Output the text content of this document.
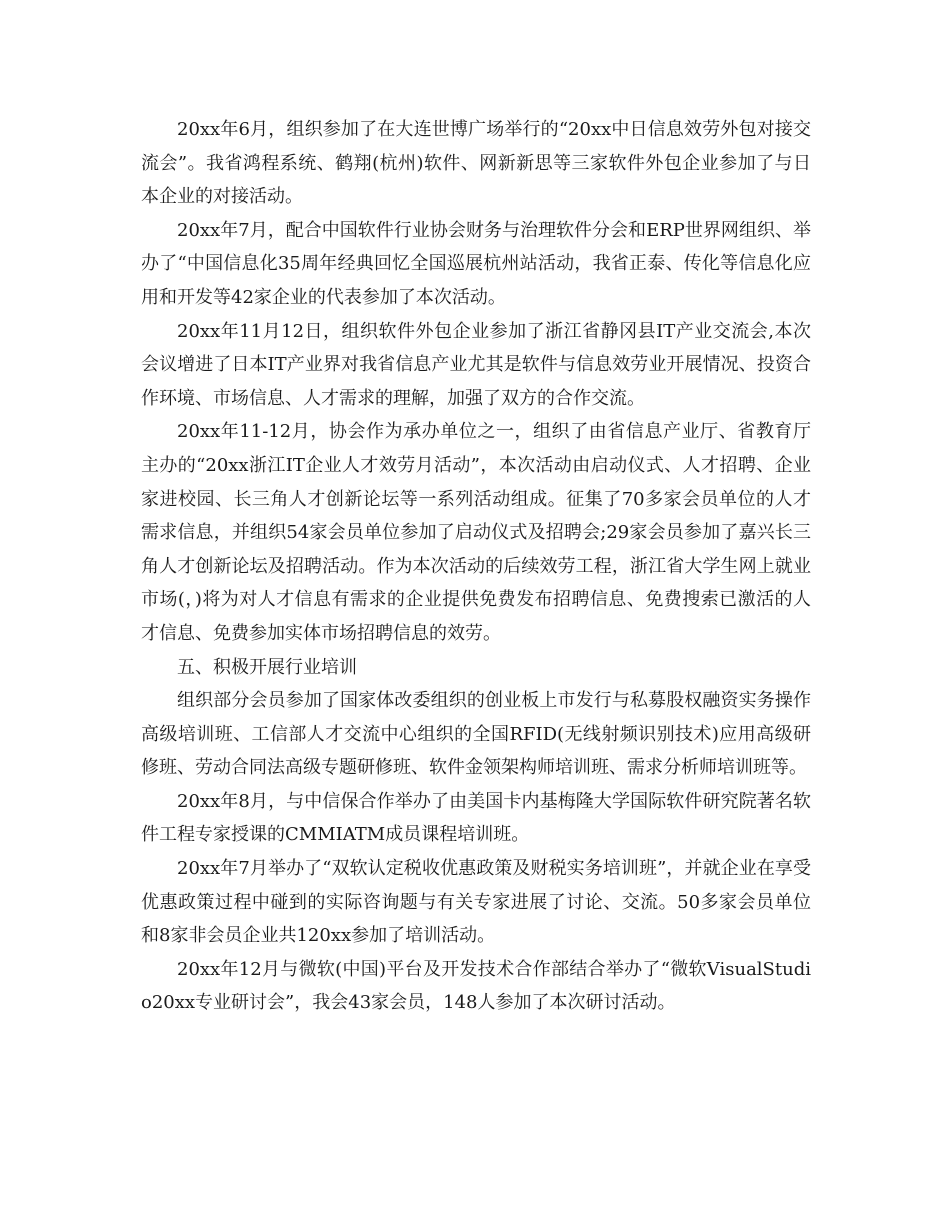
20xx年6月，组织参加了在大连世博广场举行的“20xx中日信息效劳外包对接交流会”。我省鸿程系统、鹤翔(杭州)软件、网新新思等三家软件外包企业参加了与日本企业的对接活动。

20xx年7月，配合中国软件行业协会财务与治理软件分会和ERP世界网组织、举办了“中国信息化35周年经典回忆全国巡展杭州站活动，我省正泰、传化等信息化应用和开发等42家企业的代表参加了本次活动。

20xx年11月12日，组织软件外包企业参加了浙江省静冈县IT产业交流会,本次会议增进了日本IT产业界对我省信息产业尤其是软件与信息效劳业开展情况、投资合作环境、市场信息、人才需求的理解，加强了双方的合作交流。

20xx年11-12月，协会作为承办单位之一，组织了由省信息产业厅、省教育厅主办的“20xx浙江IT企业人才效劳月活动”，本次活动由启动仪式、人才招聘、企业家进校园、长三角人才创新论坛等一系列活动组成。征集了70多家会员单位的人才需求信息，并组织54家会员单位参加了启动仪式及招聘会;29家会员参加了嘉兴长三角人才创新论坛及招聘活动。作为本次活动的后续效劳工程，浙江省大学生网上就业市场(，)将为对人才信息有需求的企业提供免费发布招聘信息、免费搜索已激活的人才信息、免费参加实体市场招聘信息的效劳。

五、积极开展行业培训

组织部分会员参加了国家体改委组织的创业板上市发行与私募股权融资实务操作高级培训班、工信部人才交流中心组织的全国RFID(无线射频识别技术)应用高级研修班、劳动合同法高级专题研修班、软件金领架构师培训班、需求分析师培训班等。

20xx年8月，与中信保合作举办了由美国卡内基梅隆大学国际软件研究院著名软件工程专家授课的CMMIATM成员课程培训班。

20xx年7月举办了“双软认定税收优惠政策及财税实务培训班”，并就企业在享受优惠政策过程中碰到的实际咨询题与有关专家进展了讨论、交流。50多家会员单位和8家非会员企业共120xx参加了培训活动。

20xx年12月与微软(中国)平台及开发技术合作部结合举办了“微软VisualStudio20xx专业研讨会”，我会43家会员，148人参加了本次研讨活动。
